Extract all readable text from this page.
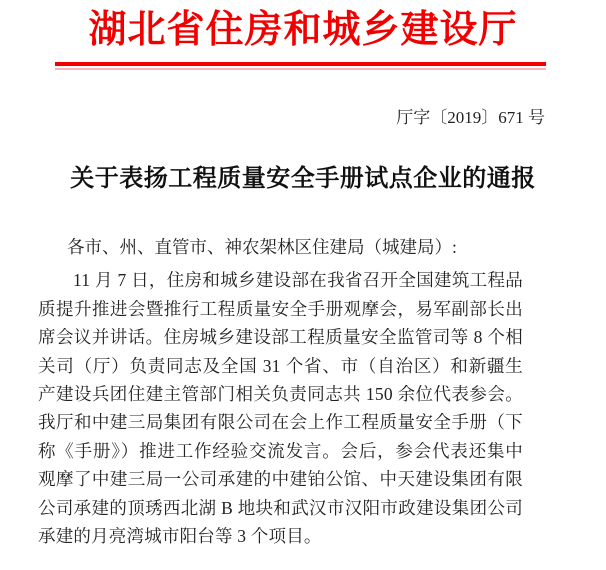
湖北省住房和城乡建设厅
厅字〔2019〕671 号
关于表扬工程质量安全手册试点企业的通报
各市、州、直管市、神农架林区住建局（城建局）:

11 月 7 日，住房和城乡建设部在我省召开全国建筑工程品质提升推进会暨推行工程质量安全手册观摩会，易军副部长出席会议并讲话。住房城乡建设部工程质量安全监管司等 8 个相关司（厅）负责同志及全国 31 个省、市（自治区）和新疆生产建设兵团住建主管部门相关负责同志共 150 余位代表参会。我厅和中建三局集团有限公司在会上作工程质量安全手册（下称《手册》）推进工作经验交流发言。会后，参会代表还集中观摩了中建三局一公司承建的中建铂公馆、中天建设集团有限公司承建的顶琇西北湖 B 地块和武汉市汉阳市政建设集团公司承建的月亮湾城市阳台等 3 个项目。
